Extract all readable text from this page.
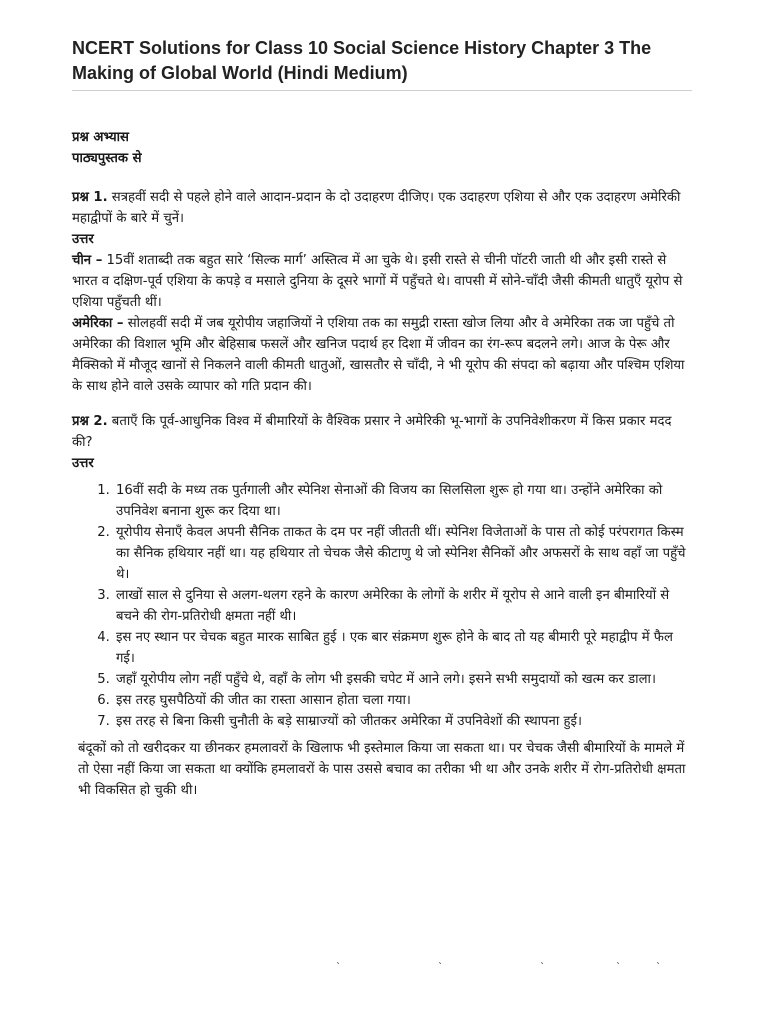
NCERT Solutions for Class 10 Social Science History Chapter 3 The Making of Global World (Hindi Medium)

प्रश्न अभ्यास

पाठ्यपुस्तक से

प्रश्न 1. सत्रहवीं सदी से पहले होने वाले आदान-प्रदान के दो उदाहरण दीजिए। एक उदाहरण एशिया से और एक उदाहरण अमेरिकी महाद्वीपों के बारे में चुनें।

उत्तर

चीन – 15वीं शताब्दी तक बहुत सारे ‘सिल्क मार्ग’ अस्तित्व में आ चुके थे। इसी रास्ते से चीनी पॉटरी जाती थी और इसी रास्ते से भारत व दक्षिण-पूर्व एशिया के कपड़े व मसाले दुनिया के दूसरे भागों में पहुँचते थे। वापसी में सोने-चाँदी जैसी कीमती धातुएँ यूरोप से एशिया पहुँचती थीं।

अमेरिका – सोलहवीं सदी में जब यूरोपीय जहाजियों ने एशिया तक का समुद्री रास्ता खोज लिया और वे अमेरिका तक जा पहुँचे तो अमेरिका की विशाल भूमि और बेहिसाब फसलें और खनिज पदार्थ हर दिशा में जीवन का रंग-रूप बदलने लगे। आज के पेरू और मैक्सिको में मौजूद खानों से निकलने वाली कीमती धातुओं, खासतौर से चाँदी, ने भी यूरोप की संपदा को बढ़ाया और पश्चिम एशिया के साथ होने वाले उसके व्यापार को गति प्रदान की।

प्रश्न 2. बताएँ कि पूर्व-आधुनिक विश्व में बीमारियों के वैश्विक प्रसार ने अमेरिकी भू-भागों के उपनिवेशीकरण में किस प्रकार मदद की?

उत्तर

1. 16वीं सदी के मध्य तक पुर्तगाली और स्पेनिश सेनाओं की विजय का सिलसिला शुरू हो गया था। उन्होंने अमेरिका को उपनिवेश बनाना शुरू कर दिया था।
2. यूरोपीय सेनाएँ केवल अपनी सैनिक ताकत के दम पर नहीं जीतती थीं। स्पेनिश विजेताओं के पास तो कोई परंपरागत किस्म का सैनिक हथियार नहीं था। यह हथियार तो चेचक जैसे कीटाणु थे जो स्पेनिश सैनिकों और अफसरों के साथ वहाँ जा पहुँचे थे।
3. लाखों साल से दुनिया से अलग-थलग रहने के कारण अमेरिका के लोगों के शरीर में यूरोप से आने वाली इन बीमारियों से बचने की रोग-प्रतिरोधी क्षमता नहीं थी।
4. इस नए स्थान पर चेचक बहुत मारक साबित हुई । एक बार संक्रमण शुरू होने के बाद तो यह बीमारी पूरे महाद्वीप में फैल गई।
5. जहाँ यूरोपीय लोग नहीं पहुँचे थे, वहाँ के लोग भी इसकी चपेट में आने लगे। इसने सभी समुदायों को खत्म कर डाला।
6. इस तरह घुसपैठियों की जीत का रास्ता आसान होता चला गया।
7. इस तरह से बिना किसी चुनौती के बड़े साम्राज्यों को जीतकर अमेरिका में उपनिवेशों की स्थापना हुई।

बंदूकों को तो खरीदकर या छीनकर हमलावरों के खिलाफ भी इस्तेमाल किया जा सकता था। पर चेचक जैसी बीमारियों के मामले में तो ऐसा नहीं किया जा सकता था क्योंकि हमलावरों के पास उससे बचाव का तरीका भी था और उनके शरीर में रोग-प्रतिरोधी क्षमता भी विकसित हो चुकी थी।

ˋ	ˋ	ˋ	ˋ	ˋ
